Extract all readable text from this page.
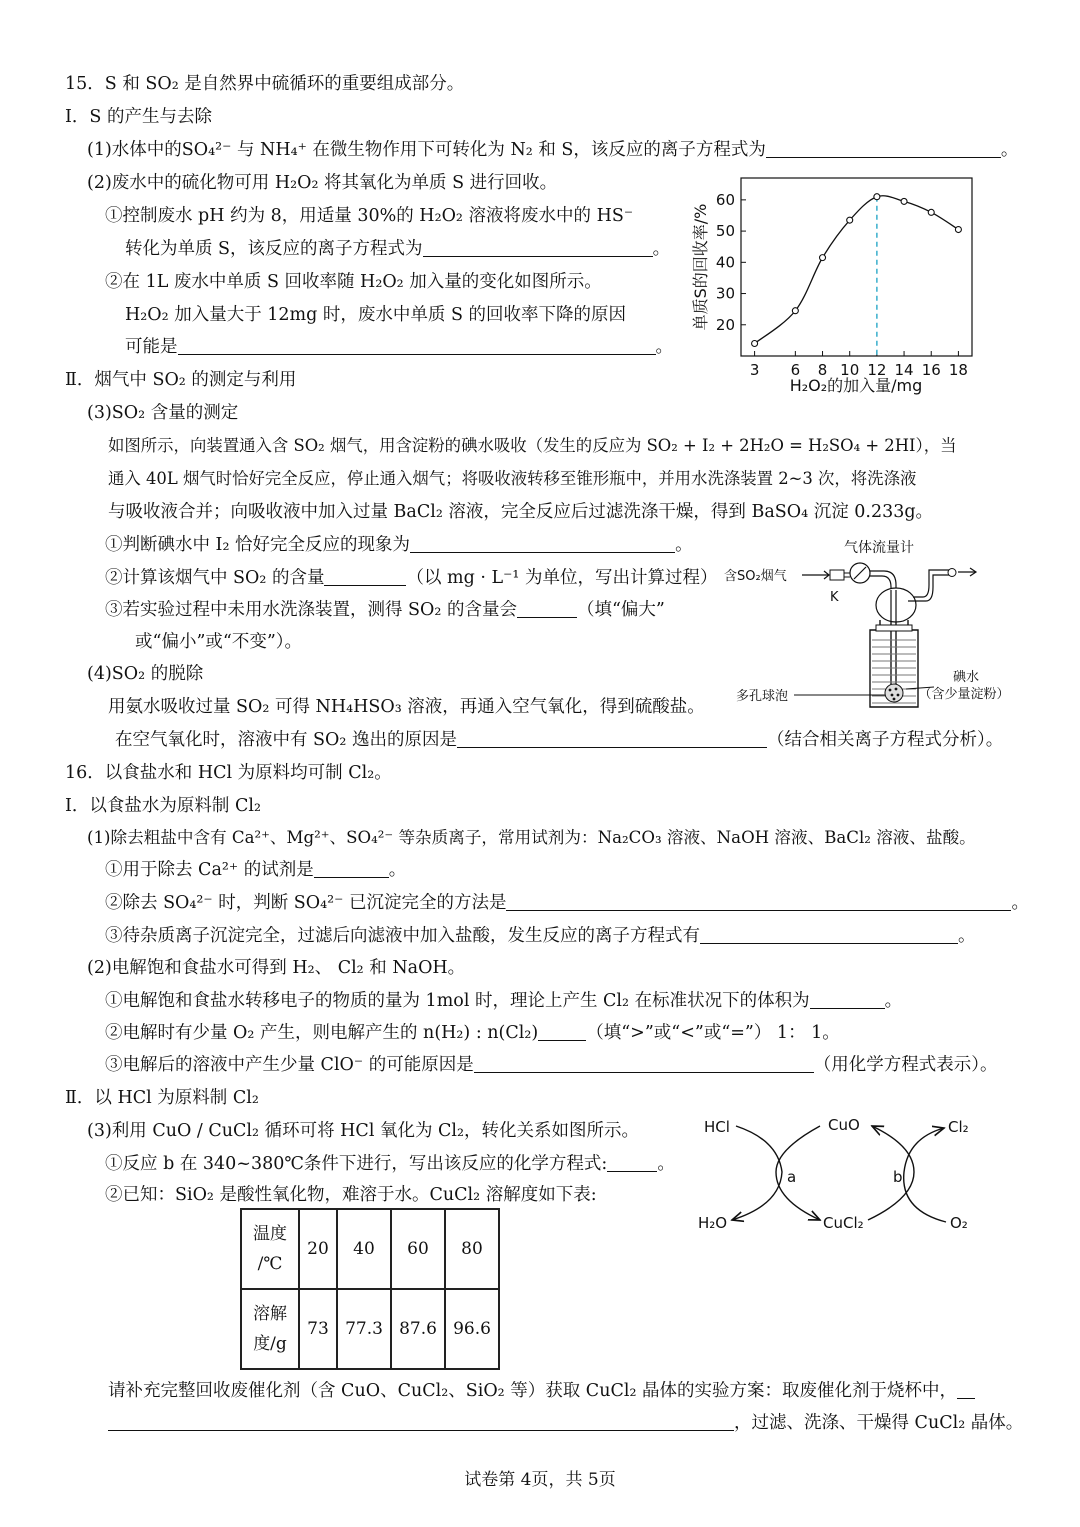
15．S 和 SO₂ 是自然界中硫循环的重要组成部分。
Ⅰ．S 的产生与去除
(1)水体中的SO₄²⁻ 与 NH₄⁺ 在微生物作用下可转化为 N₂ 和 S，该反应的离子方程式为	。
(2)废水中的硫化物可用 H₂O₂ 将其氧化为单质 S 进行回收。
①控制废水 pH 约为 8，用适量 30%的 H₂O₂ 溶液将废水中的 HS⁻
转化为单质 S，该反应的离子方程式为	。
②在 1L 废水中单质 S 回收率随 H₂O₂ 加入量的变化如图所示。
H₂O₂ 加入量大于 12mg 时，废水中单质 S 的回收率下降的原因
可能是	。
Ⅱ．烟气中 SO₂ 的测定与利用
(3)SO₂ 含量的测定
如图所示，向装置通入含 SO₂ 烟气，用含淀粉的碘水吸收（发生的反应为 SO₂ + I₂ + 2H₂O = H₂SO₄ + 2HI），当
通入 40L 烟气时恰好完全反应，停止通入烟气；将吸收液转移至锥形瓶中，并用水洗涤装置 2~3 次，将洗涤液
与吸收液合并；向吸收液中加入过量 BaCl₂ 溶液，完全反应后过滤洗涤干燥，得到 BaSO₄ 沉淀 0.233g。
①判断碘水中 I₂ 恰好完全反应的现象为	。
②计算该烟气中 SO₂ 的含量	（以 mg · L⁻¹ 为单位，写出计算过程）
③若实验过程中未用水洗涤装置，测得 SO₂ 的含量会	（填“偏大”
或“偏小”或“不变”）。
(4)SO₂ 的脱除
用氨水吸收过量 SO₂ 可得 NH₄HSO₃ 溶液，再通入空气氧化，得到硫酸盐。
在空气氧化时，溶液中有 SO₂ 逸出的原因是	（结合相关离子方程式分析）。
16．以食盐水和 HCl 为原料均可制 Cl₂。
Ⅰ．以食盐水为原料制 Cl₂
(1)除去粗盐中含有 Ca²⁺、Mg²⁺、SO₄²⁻ 等杂质离子，常用试剂为：Na₂CO₃ 溶液、NaOH 溶液、BaCl₂ 溶液、盐酸。
①用于除去 Ca²⁺ 的试剂是	。
②除去 SO₄²⁻ 时，判断 SO₄²⁻ 已沉淀完全的方法是	。
③待杂质离子沉淀完全，过滤后向滤液中加入盐酸，发生反应的离子方程式有	。
(2)电解饱和食盐水可得到 H₂、 Cl₂ 和 NaOH。
①电解饱和食盐水转移电子的物质的量为 1mol 时，理论上产生 Cl₂ 在标准状况下的体积为	。
②电解时有少量 O₂ 产生，则电解产生的 n(H₂) : n(Cl₂)	（填“>”或“<”或“=”） 1： 1。
③电解后的溶液中产生少量 ClO⁻ 的可能原因是	（用化学方程式表示）。
Ⅱ．以 HCl 为原料制 Cl₂
(3)利用 CuO / CuCl₂ 循环可将 HCl 氧化为 Cl₂，转化关系如图所示。
①反应 b 在 340~380℃条件下进行，写出该反应的化学方程式:	。
②已知：SiO₂ 是酸性氧化物，难溶于水。CuCl₂ 溶解度如下表:
温度
/℃	20	40	60	80
溶解
度/g	73	77.3	87.6	96.6
请补充完整回收废催化剂（含 CuO、CuCl₂、SiO₂ 等）获取 CuCl₂ 晶体的实验方案：取废催化剂于烧杯中，
，过滤、洗涤、干燥得 CuCl₂ 晶体。
试卷第 4页，共 5页
单质S的回收率/%
H₂O₂的加入量/mg
20
30
40
50
60
3 6 8 10 12 14 16 18
气体流量计
含SO₂烟气
K
多孔球泡
碘水
（含少量淀粉）
HCl	CuO	Cl₂
a	b
H₂O	CuCl₂	O₂
